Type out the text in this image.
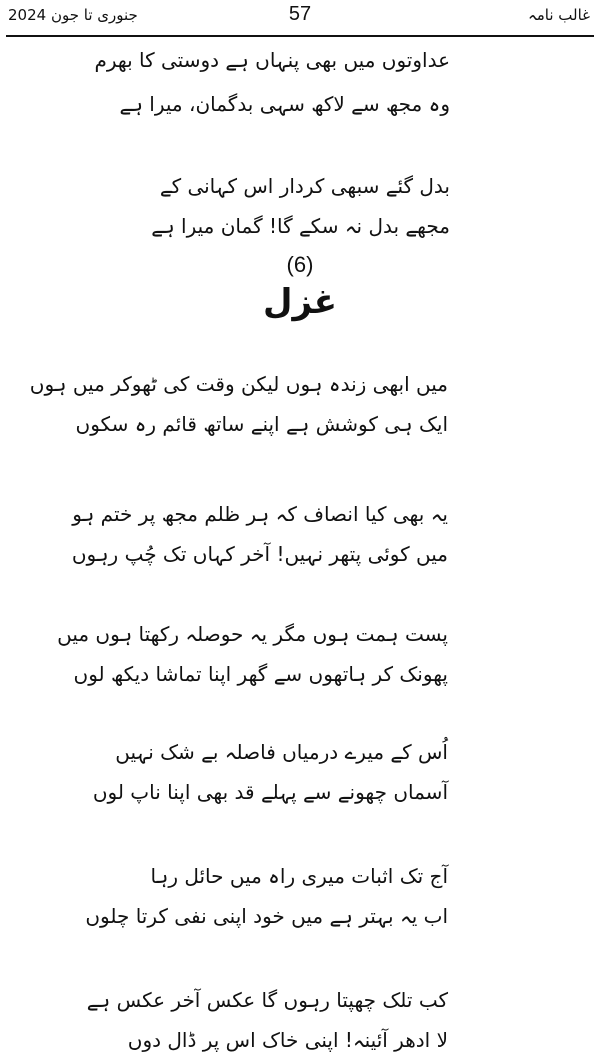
جنوری تا جون 2024	57	غالب نامہ
عداوتوں میں بھی پنہاں ہے دوستی کا بھرم
وہ مجھ سے لاکھ سہی بدگمان، میرا ہے
بدل گئے سبھی کردار اس کہانی کے
مجھے بدل نہ سکے گا! گمان میرا ہے
(6)
غزل
میں ابھی زندہ ہوں لیکن وقت کی ٹھوکر میں ہوں
ایک ہی کوشش ہے اپنے ساتھ قائم رہ سکوں
یہ بھی کیا انصاف کہ ہر ظلم مجھ پر ختم ہو
میں کوئی پتھر نہیں! آخر کہاں تک چُپ رہوں
پست ہمت ہوں مگر یہ حوصلہ رکھتا ہوں میں
پھونک کر ہاتھوں سے گھر اپنا تماشا دیکھ لوں
اُس کے میرے درمیاں فاصلہ بے شک نہیں
آسماں چھونے سے پہلے قد بھی اپنا ناپ لوں
آج تک اثبات میری راہ میں حائل رہا
اب یہ بہتر ہے میں خود اپنی نفی کرتا چلوں
کب تلک چھپتا رہوں گا عکس آخر عکس ہے
لا ادھر آئینہ! اپنی خاک اس پر ڈال دوں
